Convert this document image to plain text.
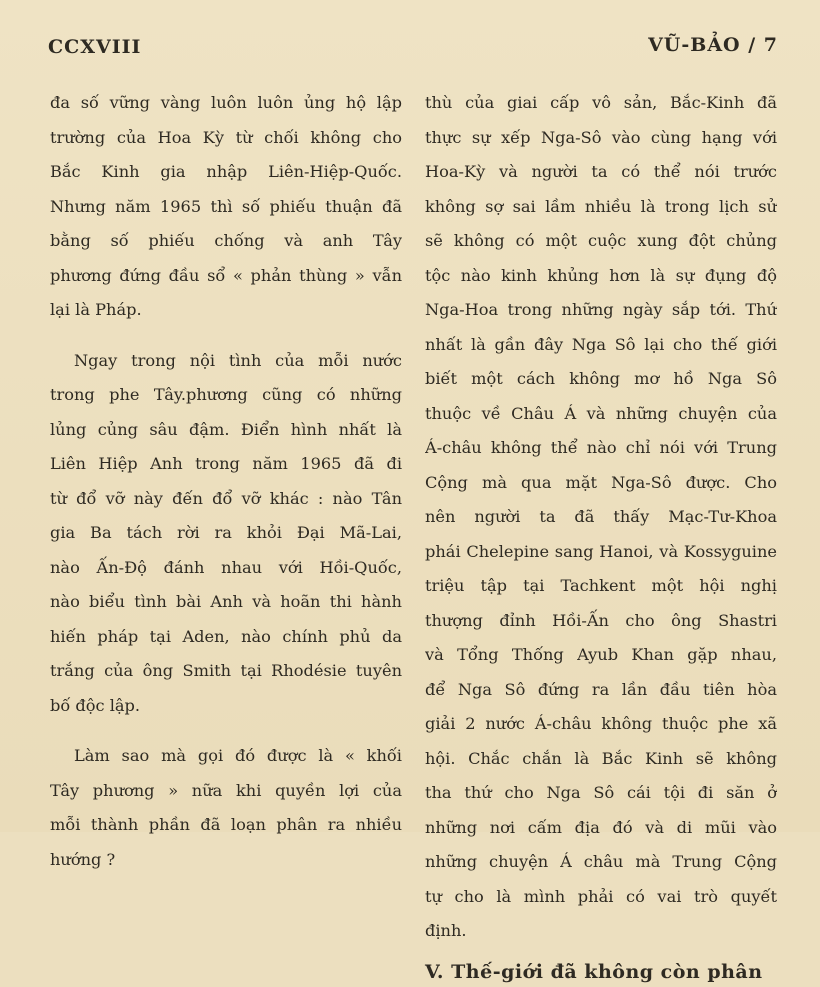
CCXVIII	VŨ-BẢO / 7
đa số vững vàng luôn luôn ủng hộ lập
trường của Hoa Kỳ từ chối không cho
Bắc Kinh gia nhập Liên-Hiệp-Quốc.
Nhưng năm 1965 thì số phiếu thuận đã
bằng số phiếu chống và anh Tây
phương đứng đầu sổ « phản thùng » vẫn
lại là Pháp.
Ngay trong nội tình của mỗi nước
trong phe Tây.phương cũng có những
lủng củng sâu đậm. Điển hình nhất là
Liên Hiệp Anh trong năm 1965 đã đi
từ đổ vỡ này đến đổ vỡ khác : nào Tân
gia Ba tách rời ra khỏi Đại Mã-Lai,
nào Ấn-Độ đánh nhau với Hồi-Quốc,
nào biểu tình bài Anh và hoãn thi hành
hiến pháp tại Aden, nào chính phủ da
trắng của ông Smith tại Rhodésie tuyên
bố độc lập.
Làm sao mà gọi đó được là « khối
Tây phương » nữa khi quyền lợi của
mỗi thành phần đã loạn phân ra nhiều
hướng ?
thù của giai cấp vô sản, Bắc-Kinh đã
thực sự xếp Nga-Sô vào cùng hạng với
Hoa-Kỳ và người ta có thể nói trước
không sợ sai lầm nhiều là trong lịch sử
sẽ không có một cuộc xung đột chủng
tộc nào kinh khủng hơn là sự đụng độ
Nga-Hoa trong những ngày sắp tới. Thứ
nhất là gần đây Nga Sô lại cho thế giới
biết một cách không mơ hồ Nga Sô
thuộc về Châu Á và những chuyện của
Á-châu không thể nào chỉ nói với Trung
Cộng mà qua mặt Nga-Sô được. Cho
nên người ta đã thấy Mạc-Tư-Khoa
phái Chelepine sang Hanoi, và Kossyguine
triệu tập tại Tachkent một hội nghị
thượng đỉnh Hồi-Ấn cho ông Shastri
và Tổng Thống Ayub Khan gặp nhau,
để Nga Sô đứng ra lần đầu tiên hòa
giải 2 nước Á-châu không thuộc phe xã
hội. Chắc chắn là Bắc Kinh sẽ không
tha thứ cho Nga Sô cái tội đi săn ở
những nơi cấm địa đó và di mũi vào
những chuyện Á châu mà Trung Cộng
tự cho là mình phải có vai trò quyết
định.
V. Thế-giới đã không còn phân
